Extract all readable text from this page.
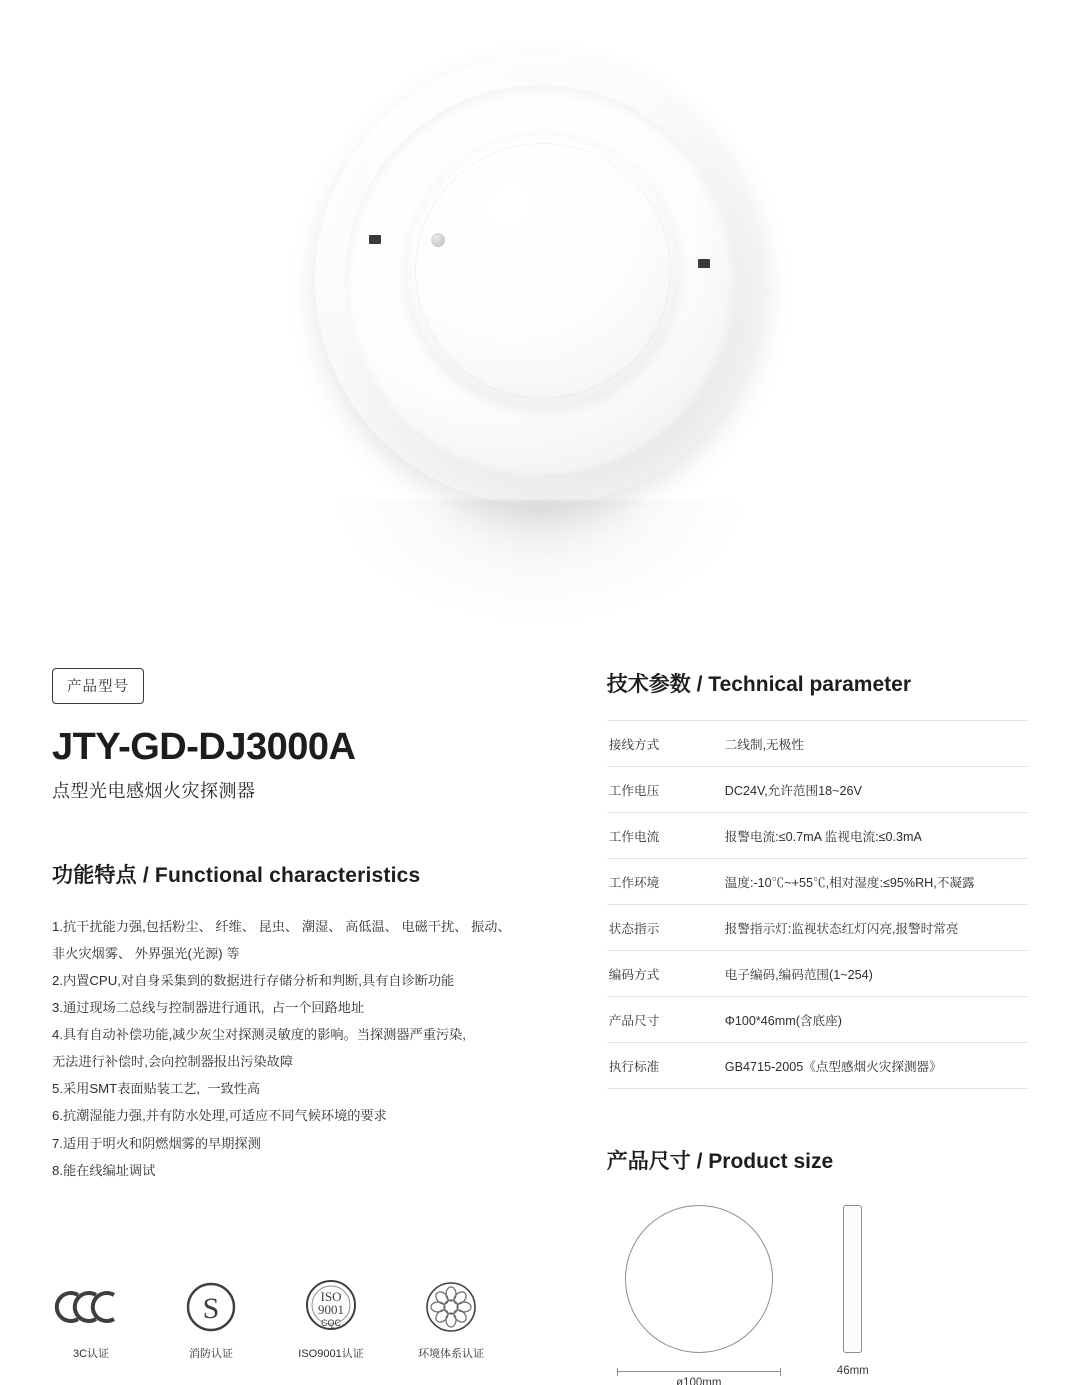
产品型号
JTY-GD-DJ3000A
点型光电感烟火灾探测器
功能特点 / Functional characteristics
1.抗干扰能力强,包括粉尘、 纤维、 昆虫、 潮湿、 高低温、 电磁干扰、 振动、
非火灾烟雾、 外界强光(光源) 等
2.内置CPU,对自身采集到的数据进行存储分析和判断,具有自诊断功能
3.通过现场二总线与控制器进行通讯,  占一个回路地址
4.具有自动补偿功能,减少灰尘对探测灵敏度的影响。当探测器严重污染,
无法进行补偿时,会向控制器报出污染故障
5.采用SMT表面贴装工艺,  一致性高
6.抗潮湿能力强,并有防水处理,可适应不同气候环境的要求
7.适用于明火和阴燃烟雾的早期探测
8.能在线编址调试
技术参数 / Technical parameter
接线方式	二线制,无极性
工作电压	DC24V,允许范围18~26V
工作电流	报警电流:≤0.7mA 监视电流:≤0.3mA
工作环境	温度:-10℃~+55℃,相对湿度:≤95%RH,不凝露
状态指示	报警指示灯:监视状态红灯闪亮,报警时常亮
编码方式	电子编码,编码范围(1~254)
产品尺寸	Φ100*46mm(含底座)
执行标准	GB4715-2005《点型感烟火灾探测器》
产品尺寸 / Product size
ø100mm
46mm
3C认证
S
消防认证
ISO
9001
CQC
ISO9001认证	环境体系认证
